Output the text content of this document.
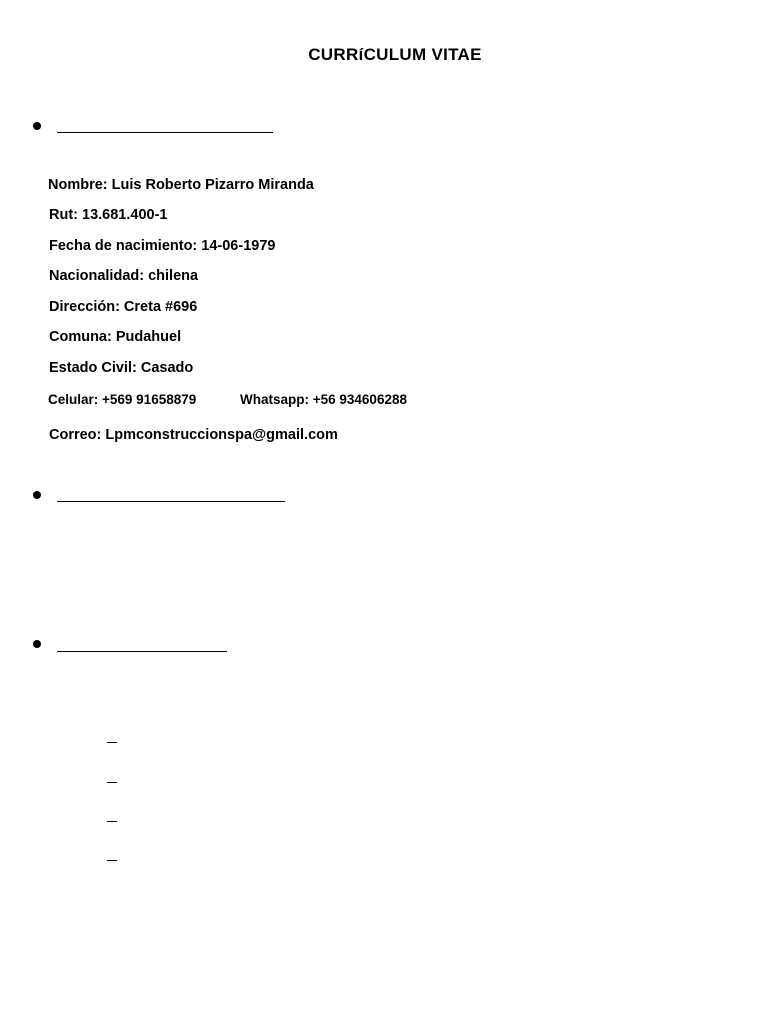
CURRíCULUM VITAE
Nombre: Luis Roberto Pizarro Miranda
Rut: 13.681.400-1
Fecha de nacimiento: 14-06-1979
Nacionalidad: chilena
Dirección: Creta #696
Comuna: Pudahuel
Estado Civil: Casado
Celular: +569 91658879	Whatsapp: +56 934606288
Correo: Lpmconstruccionspa@gmail.com
